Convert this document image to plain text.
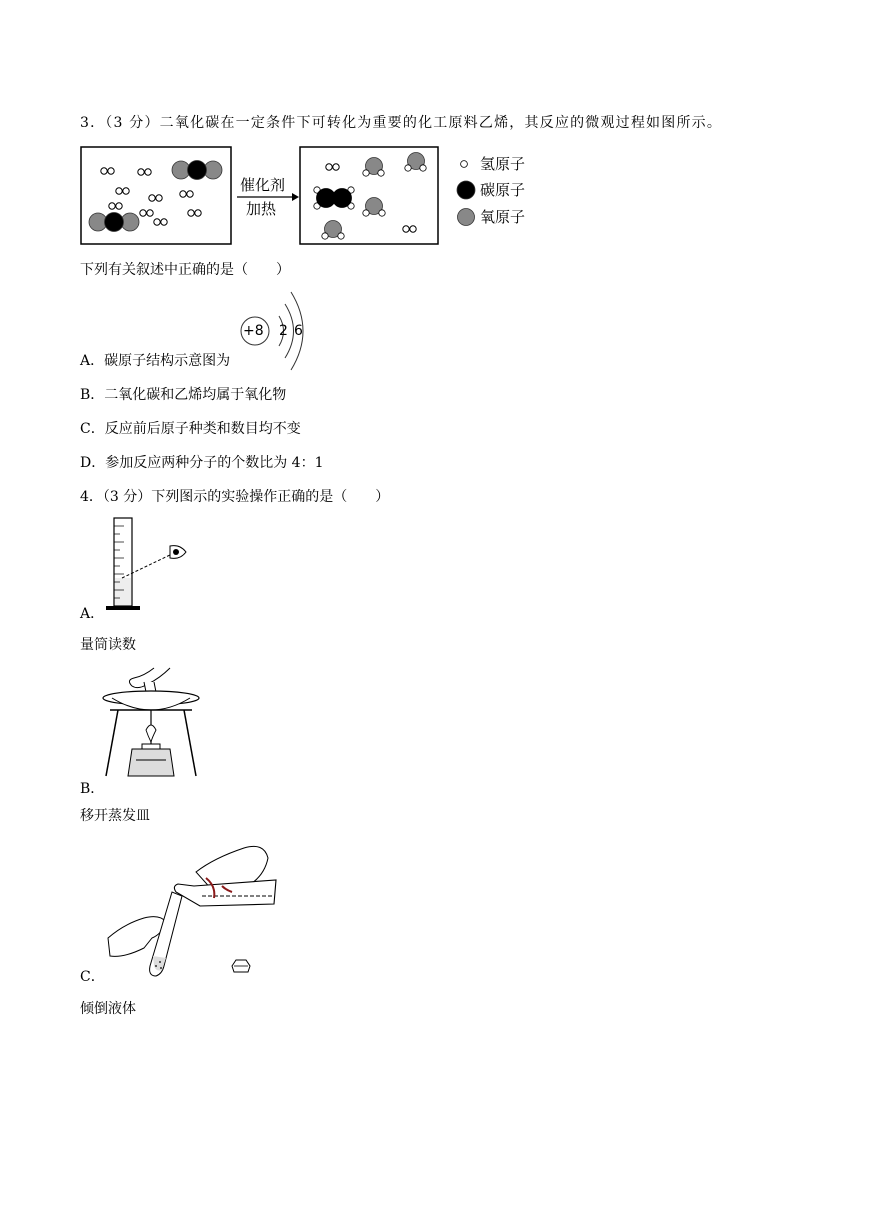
3．（3 分）二氧化碳在一定条件下可转化为重要的化工原料乙烯，其反应的微观过程如图所示。
催化剂
加热
氢原子
碳原子
氧原子
下列有关叙述中正确的是（　　）
+8 2 6
A．碳原子结构示意图为
B．二氧化碳和乙烯均属于氧化物
C．反应前后原子种类和数目均不变
D．参加反应两种分子的个数比为 4：1
4．（3 分）下列图示的实验操作正确的是（　　）
A．
量筒读数
B．
移开蒸发皿
C．
倾倒液体
